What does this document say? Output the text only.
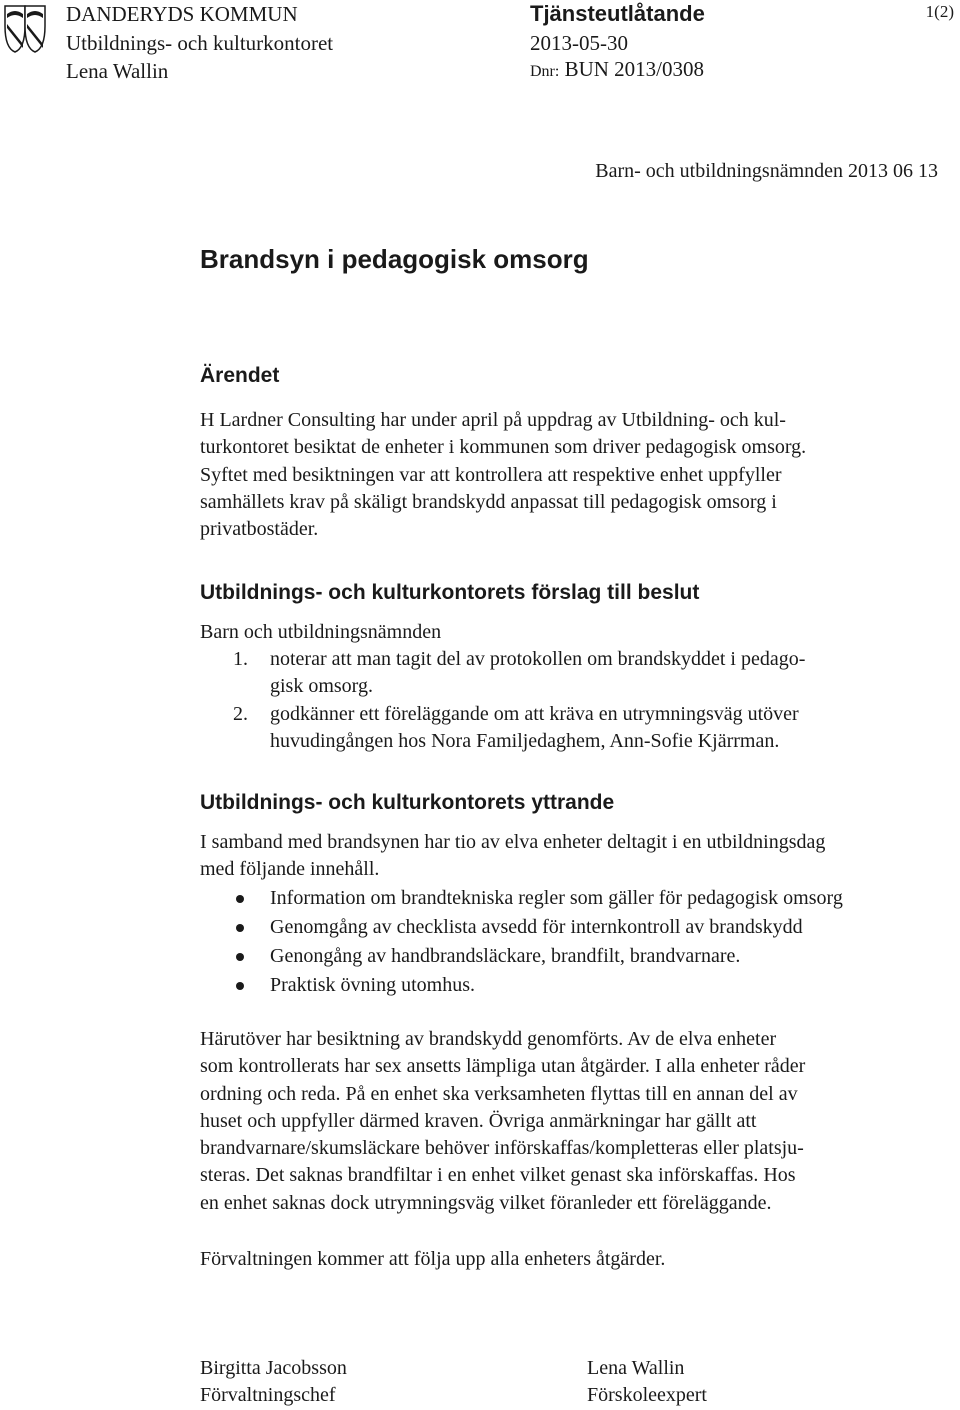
DANDERYDS KOMMUN
Utbildnings- och kulturkontoret
Lena Wallin
Tjänsteutlåtande
2013-05-30
Dnr: BUN 2013/0308
1(2)
Barn- och utbildningsnämnden 2013 06 13
Brandsyn i pedagogisk omsorg
Ärendet
H Lardner Consulting har under april på uppdrag av Utbildning- och kul-
turkontoret besiktat de enheter i kommunen som driver pedagogisk omsorg.
Syftet med besiktningen var att kontrollera att respektive enhet uppfyller
samhällets krav på skäligt brandskydd anpassat till pedagogisk omsorg i
privatbostäder.
Utbildnings- och kulturkontorets förslag till beslut
Barn och utbildningsnämnden
1. noterar att man tagit del av protokollen om brandskyddet i pedago-
gisk omsorg.
2. godkänner ett föreläggande om att kräva en utrymningsväg utöver
huvudingången hos Nora Familjedaghem, Ann-Sofie Kjärrman.
Utbildnings- och kulturkontorets yttrande
I samband med brandsynen har tio av elva enheter deltagit i en utbildningsdag
med följande innehåll.
Information om brandtekniska regler som gäller för pedagogisk omsorg
Genomgång av checklista avsedd för internkontroll av brandskydd
Genongång av handbrandsläckare, brandfilt, brandvarnare.
Praktisk övning utomhus.
Härutöver har besiktning av brandskydd genomförts. Av de elva enheter
som kontrollerats har sex ansetts lämpliga utan åtgärder. I alla enheter råder
ordning och reda. På en enhet ska verksamheten flyttas till en annan del av
huset och uppfyller därmed kraven. Övriga anmärkningar har gällt att
brandvarnare/skumsläckare behöver införskaffas/kompletteras eller platsju-
steras. Det saknas brandfiltar i en enhet vilket genast ska införskaffas. Hos
en enhet saknas dock utrymningsväg vilket föranleder ett föreläggande.
Förvaltningen kommer att följa upp alla enheters åtgärder.
Birgitta Jacobsson
Förvaltningschef
Lena Wallin
Förskoleexpert
